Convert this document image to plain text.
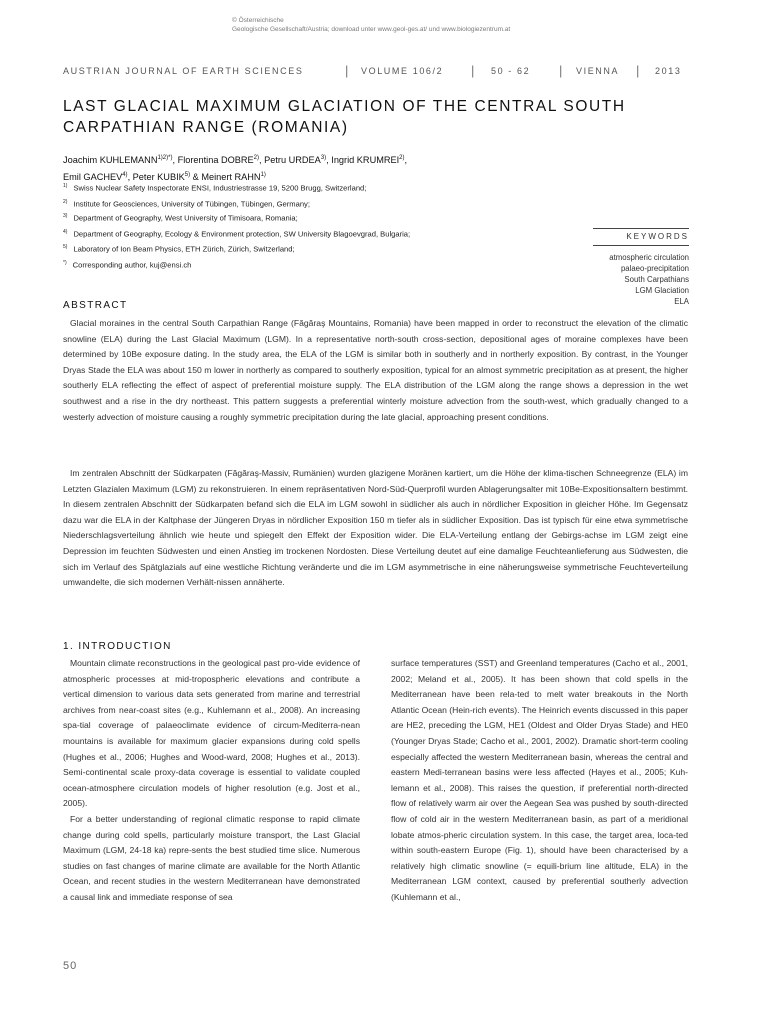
© Österreichische
Geologische Gesellschaft/Austria; download unter www.geol-ges.at/ und www.biologiezentrum.at
AUSTRIAN JOURNAL OF EARTH SCIENCES	| VOLUME 106/2 | 50 - 62 | VIENNA | 2013
LAST GLACIAL MAXIMUM GLACIATION OF THE CENTRAL SOUTH
CARPATHIAN RANGE (ROMANIA)
Joachim $KUHLEMANN^{1)2)*)}$, Florentina DOBRE$^{2)}$, Petru URDEA$^{3)}$, Ingrid KRUMREI$^{2)}$,
Emil GACHEV$^{4)}$, Peter KUBIK$^{5)}$ & Meinert RAHN$^{1)}$
$^{1)}$ Swiss Nuclear Safety Inspectorate ENSI, Industriestrasse 19, 5200 Brugg, Switzerland;
$^{2)}$ Institute for Geosciences, University of Tübingen, Tübingen, Germany;
$^{3)}$ Department of Geography, West University of Timisoara, Romania;
$^{4)}$ Department of Geography, Ecology & Environment protection, SW University Blagoevgrad, Bulgaria;
$^{5)}$ Laboratory of Ion Beam Physics, ETH Zürich, Zürich, Switzerland;
*) Corresponding author, kuj@ensi.ch
KEYWORDS
atmospheric circulation
palaeo-precipitation
South Carpathians
LGM Glaciation
ELA
ABSTRACT

Glacial moraines in the central South Carpathian Range (Făgăraş Mountains, Romania) have been mapped in order to reconstruct the elevation of the climatic snowline (ELA) during the Last Glacial Maximum (LGM). In a representative north-south cross-section, depositional ages of moraine complexes have been determined by 10Be exposure dating. In the study area, the ELA of the LGM is similar both in southerly and in northerly exposition. By contrast, in the Younger Dryas Stade the ELA was about 150 m lower in northerly as compared to southerly exposition, typical for an almost symmetric precipitation as at present, the higher southerly ELA reflecting the effect of aspect of preferential moisture supply. The ELA distribution of the LGM along the range shows a depression in the wet southwest and a rise in the dry northeast. This pattern suggests a preferential winterly moisture advection from the south-west, which gradually changed to a westerly advection of moisture causing a roughly symmetric precipitation during the late glacial, approaching present conditions.

Im zentralen Abschnitt der Südkarpaten (Făgăraş-Massiv, Rumänien) wurden glazigene Moränen kartiert, um die Höhe der klima-tischen Schneegrenze (ELA) im Letzten Glazialen Maximum (LGM) zu rekonstruieren. In einem repräsentativen Nord-Süd-Querprofil wurden Ablagerungsalter mit 10Be-Expositionsaltern bestimmt. In diesem zentralen Abschnitt der Südkarpaten befand sich die ELA im LGM sowohl in südlicher als auch in nördlicher Exposition in gleicher Höhe. Im Gegensatz dazu war die ELA in der Kaltphase der Jüngeren Dryas in nördlicher Exposition 150 m tiefer als in südlicher Exposition. Das ist typisch für eine etwa symmetrische Niederschlagsverteilung ähnlich wie heute und spiegelt den Effekt der Exposition wider. Die ELA-Verteilung entlang der Gebirgs-achse im LGM zeigt eine Depression im feuchten Südwesten und einen Anstieg im trockenen Nordosten. Diese Verteilung deutet auf eine damalige Feuchteanlieferung aus Südwesten, die sich im Verlauf des Spätglazials auf eine westliche Richtung veränderte und die im LGM asymmetrische in eine näherungsweise symmetrische Feuchteverteilung umwandelte, die sich modernen Verhält-nissen annäherte.

1. INTRODUCTION

Mountain climate reconstructions in the geological past pro-vide evidence of atmospheric processes at mid-tropospheric elevations and contribute a vertical dimension to various data sets generated from marine and terrestrial archives from near-coast sites (e.g., Kuhlemann et al., 2008). An increasing spa-tial coverage of palaeoclimate evidence of circum-Mediterra-nean mountains is available for maximum glacier expansions during cold spells (Hughes et al., 2006; Hughes and Wood-ward, 2008; Hughes et al., 2013). Semi-continental scale proxy-data coverage is essential to validate coupled ocean-atmosphere circulation models of higher resolution (e.g. Jost et al., 2005).

For a better understanding of regional climatic response to rapid climate change during cold spells, particularly moisture transport, the Last Glacial Maximum (LGM, 24-18 ka) repre-sents the best studied time slice. Numerous studies on fast changes of marine climate are available for the North Atlantic Ocean, and recent studies in the western Mediterranean have demonstrated a causal link and immediate response of sea

surface temperatures (SST) and Greenland temperatures (Cacho et al., 2001, 2002; Meland et al., 2005). It has been shown that cold spells in the Mediterranean have been rela-ted to melt water breakouts in the North Atlantic Ocean (Hein-rich events). The Heinrich events discussed in this paper are HE2, preceding the LGM, HE1 (Oldest and Older Dryas Stade) and HE0 (Younger Dryas Stade; Cacho et al., 2001, 2002). Dramatic short-term cooling especially affected the western Mediterranean basin, whereas the central and eastern Medi-terranean basins were less affected (Hayes et al., 2005; Kuh-lemann et al., 2008). This raises the question, if preferential north-directed flow of relatively warm air over the Aegean Sea was pushed by south-directed flow of cold air in the western Mediterranean basin, as part of a meridional lobate atmos-pheric circulation system. In this case, the target area, loca-ted within south-eastern Europe (Fig. 1), should have been characterised by a relatively high climatic snowline (= equili-brium line altitude, ELA) in the Mediterranean LGM context, caused by preferential southerly advection (Kuhlemann et al.,

50
